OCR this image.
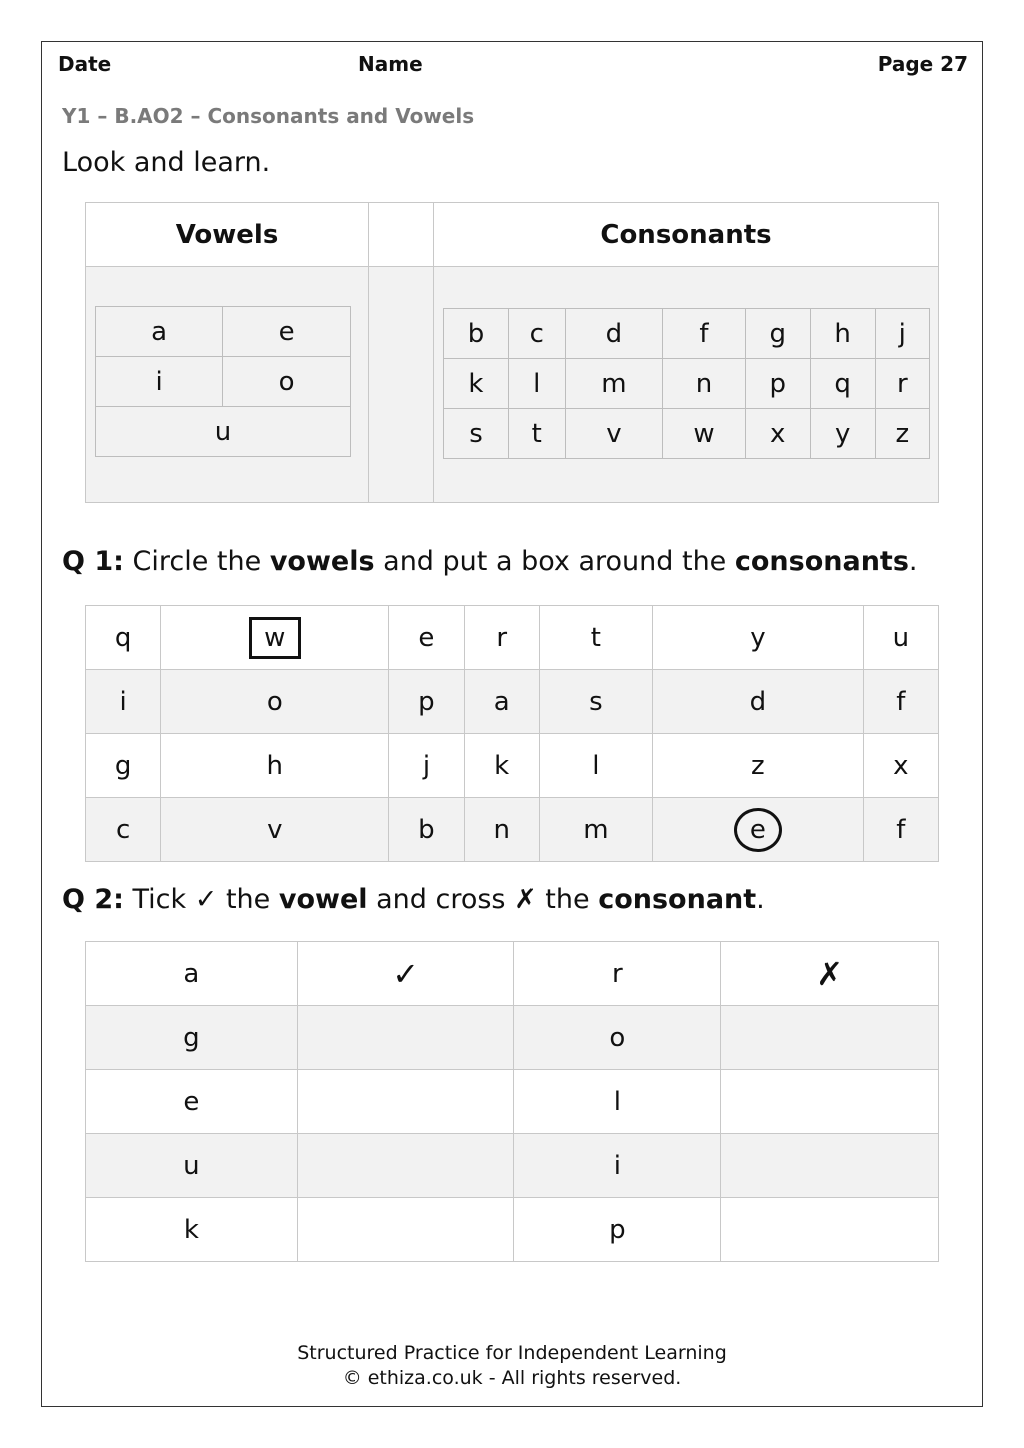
Date	Name	Page 27
Y1 – B.AO2 – Consonants and Vowels
Look and learn.
Vowels	Consonants
a	e
i	o
u	
b	c	d	f	g	h	j
k	l	m	n	p	q	r
s	t	v	w	x	y	z
Q 1: Circle the vowels and put a box around the consonants.
q	w	e	r	t	y	u
i	o	p	a	s	d	f
g	h	j	k	l	z	x
c	v	b	n	m	e	f
Q 2: Tick ✓ the vowel and cross ✗ the consonant.
a	✓	r	✗
g		o	
e		l	
u		i	
k		p	
Structured Practice for Independent Learning
© ethiza.co.uk - All rights reserved.
